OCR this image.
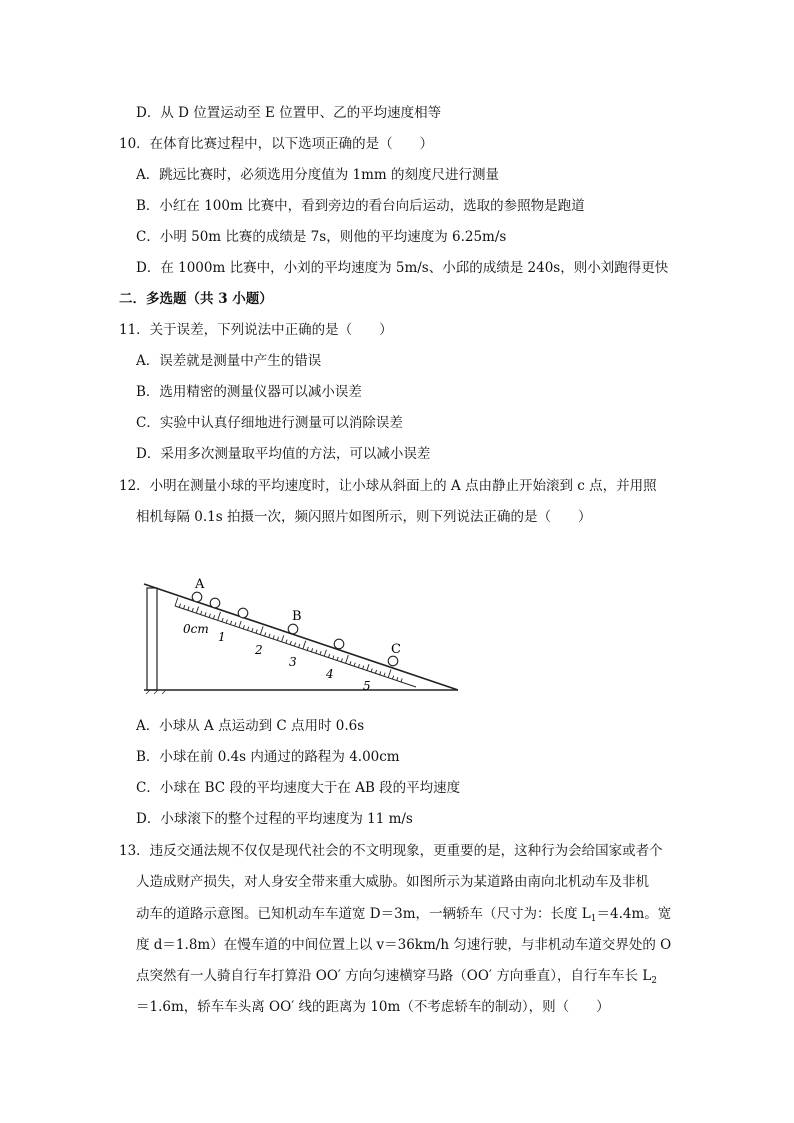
D．从 D 位置运动至 E 位置甲、乙的平均速度相等
10．在体育比赛过程中，以下选项正确的是（　　）
A．跳远比赛时，必须选用分度值为 1mm 的刻度尺进行测量
B．小红在 100m 比赛中，看到旁边的看台向后运动，选取的参照物是跑道
C．小明 50m 比赛的成绩是 7s，则他的平均速度为 6.25m/s
D．在 1000m 比赛中，小刘的平均速度为 5m/s、小邱的成绩是 240s，则小刘跑得更快
二．多选题（共 3 小题）
11．关于误差，下列说法中正确的是（　　）
A．误差就是测量中产生的错误
B．选用精密的测量仪器可以减小误差
C．实验中认真仔细地进行测量可以消除误差
D．采用多次测量取平均值的方法，可以减小误差
12．小明在测量小球的平均速度时，让小球从斜面上的 A 点由静止开始滚到 c 点，并用照
相机每隔 0.1s 拍摄一次，频闪照片如图所示，则下列说法正确的是（　　）
A
B
C
0cm
1
2
3
4
5
A．小球从 A 点运动到 C 点用时 0.6s
B．小球在前 0.4s 内通过的路程为 4.00cm
C．小球在 BC 段的平均速度大于在 AB 段的平均速度
D．小球滚下的整个过程的平均速度为 11 m/s
13．违反交通法规不仅仅是现代社会的不文明现象，更重要的是，这种行为会给国家或者个
人造成财产损失，对人身安全带来重大威胁。如图所示为某道路由南向北机动车及非机
动车的道路示意图。已知机动车车道宽 D＝3m，一辆轿车（尺寸为：长度 $L_1=4.4m$。宽
度 d＝1.8m）在慢车道的中间位置上以 v＝36km/h 匀速行驶，与非机动车道交界处的 O
点突然有一人骑自行车打算沿 OO′ 方向匀速横穿马路（OO′ 方向垂直），自行车车长 $L_2$
＝1.6m，轿车车头离 OO′ 线的距离为 10m（不考虑轿车的制动），则（　　）
